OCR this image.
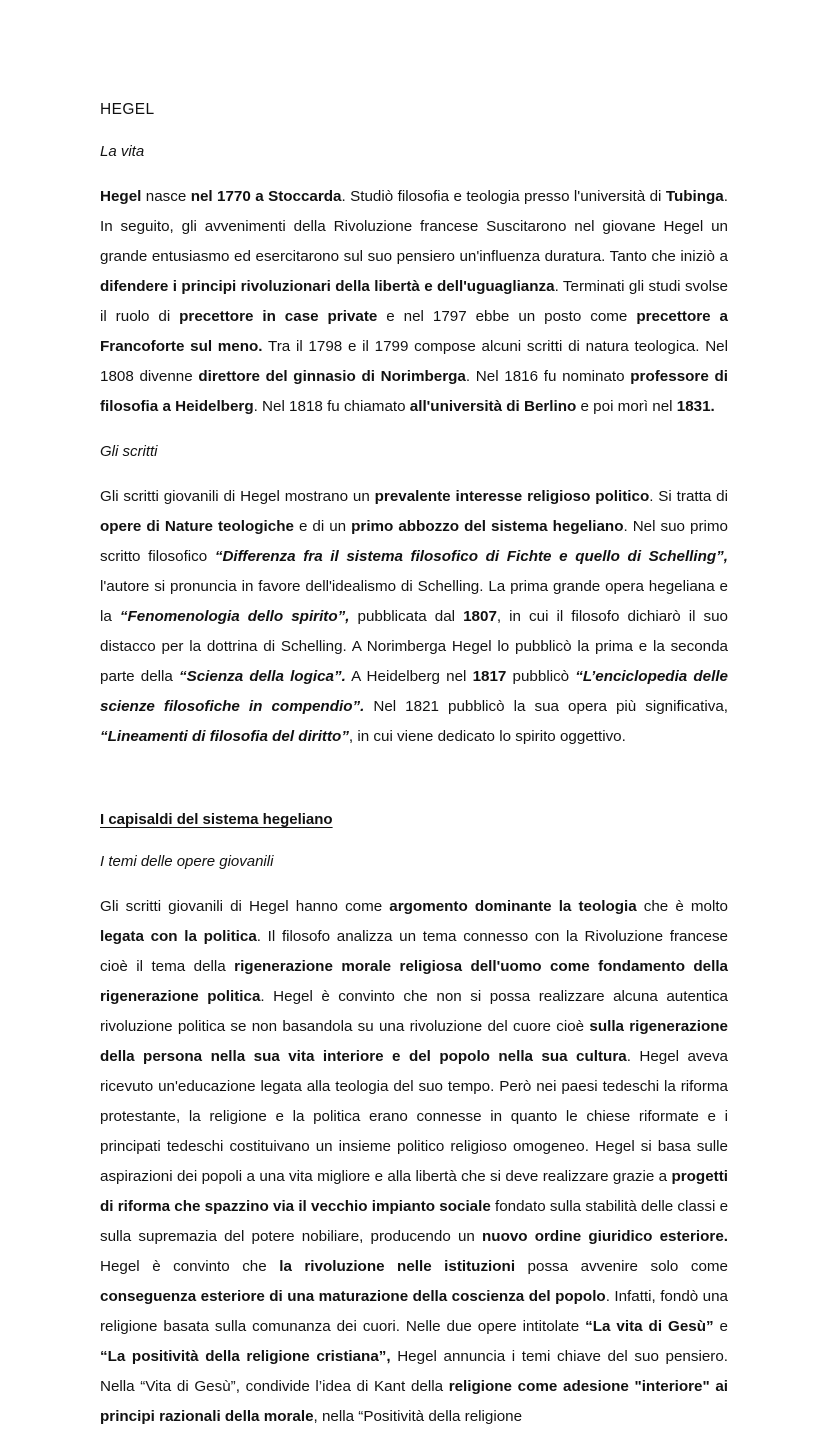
HEGEL
La vita

Hegel nasce nel 1770 a Stoccarda. Studiò filosofia e teologia presso l'università di Tubinga. In seguito, gli avvenimenti della Rivoluzione francese Suscitarono nel giovane Hegel un grande entusiasmo ed esercitarono sul suo pensiero un'influenza duratura. Tanto che iniziò a difendere i principi rivoluzionari della libertà e dell'uguaglianza. Terminati gli studi svolse il ruolo di precettore in case private e nel 1797 ebbe un posto come precettore a Francoforte sul meno. Tra il 1798 e il 1799 compose alcuni scritti di natura teologica. Nel 1808 divenne direttore del ginnasio di Norimberga. Nel 1816 fu nominato professore di filosofia a Heidelberg. Nel 1818 fu chiamato all'università di Berlino e poi morì nel 1831.

Gli scritti

Gli scritti giovanili di Hegel mostrano un prevalente interesse religioso politico. Si tratta di opere di Nature teologiche e di un primo abbozzo del sistema hegeliano. Nel suo primo scritto filosofico “Differenza fra il sistema filosofico di Fichte e quello di Schelling”, l'autore si pronuncia in favore dell'idealismo di Schelling. La prima grande opera hegeliana e la “Fenomenologia dello spirito”, pubblicata dal 1807, in cui il filosofo dichiarò il suo distacco per la dottrina di Schelling. A Norimberga Hegel lo pubblicò la prima e la seconda parte della “Scienza della logica”. A Heidelberg nel 1817 pubblicò “L’enciclopedia delle scienze filosofiche in compendio”. Nel 1821 pubblicò la sua opera più significativa, “Lineamenti di filosofia del diritto”, in cui viene dedicato lo spirito oggettivo.

I capisaldi del sistema hegeliano
I temi delle opere giovanili

Gli scritti giovanili di Hegel hanno come argomento dominante la teologia che è molto legata con la politica. Il filosofo analizza un tema connesso con la Rivoluzione francese cioè il tema della rigenerazione morale religiosa dell'uomo come fondamento della rigenerazione politica. Hegel è convinto che non si possa realizzare alcuna autentica rivoluzione politica se non basandola su una rivoluzione del cuore cioè sulla rigenerazione della persona nella sua vita interiore e del popolo nella sua cultura. Hegel aveva ricevuto un'educazione legata alla teologia del suo tempo. Però nei paesi tedeschi la riforma protestante, la religione e la politica erano connesse in quanto le chiese riformate e i principati tedeschi costituivano un insieme politico religioso omogeneo. Hegel si basa sulle aspirazioni dei popoli a una vita migliore e alla libertà che si deve realizzare grazie a progetti di riforma che spazzino via il vecchio impianto sociale fondato sulla stabilità delle classi e sulla supremazia del potere nobiliare, producendo un nuovo ordine giuridico esteriore. Hegel è convinto che la rivoluzione nelle istituzioni possa avvenire solo come conseguenza esteriore di una maturazione della coscienza del popolo. Infatti, fondò una religione basata sulla comunanza dei cuori. Nelle due opere intitolate “La vita di Gesù” e “La positività della religione cristiana”, Hegel annuncia i temi chiave del suo pensiero. Nella “Vita di Gesù”, condivide l’idea di Kant della religione come adesione "interiore" ai principi razionali della morale, nella “Positività della religione
